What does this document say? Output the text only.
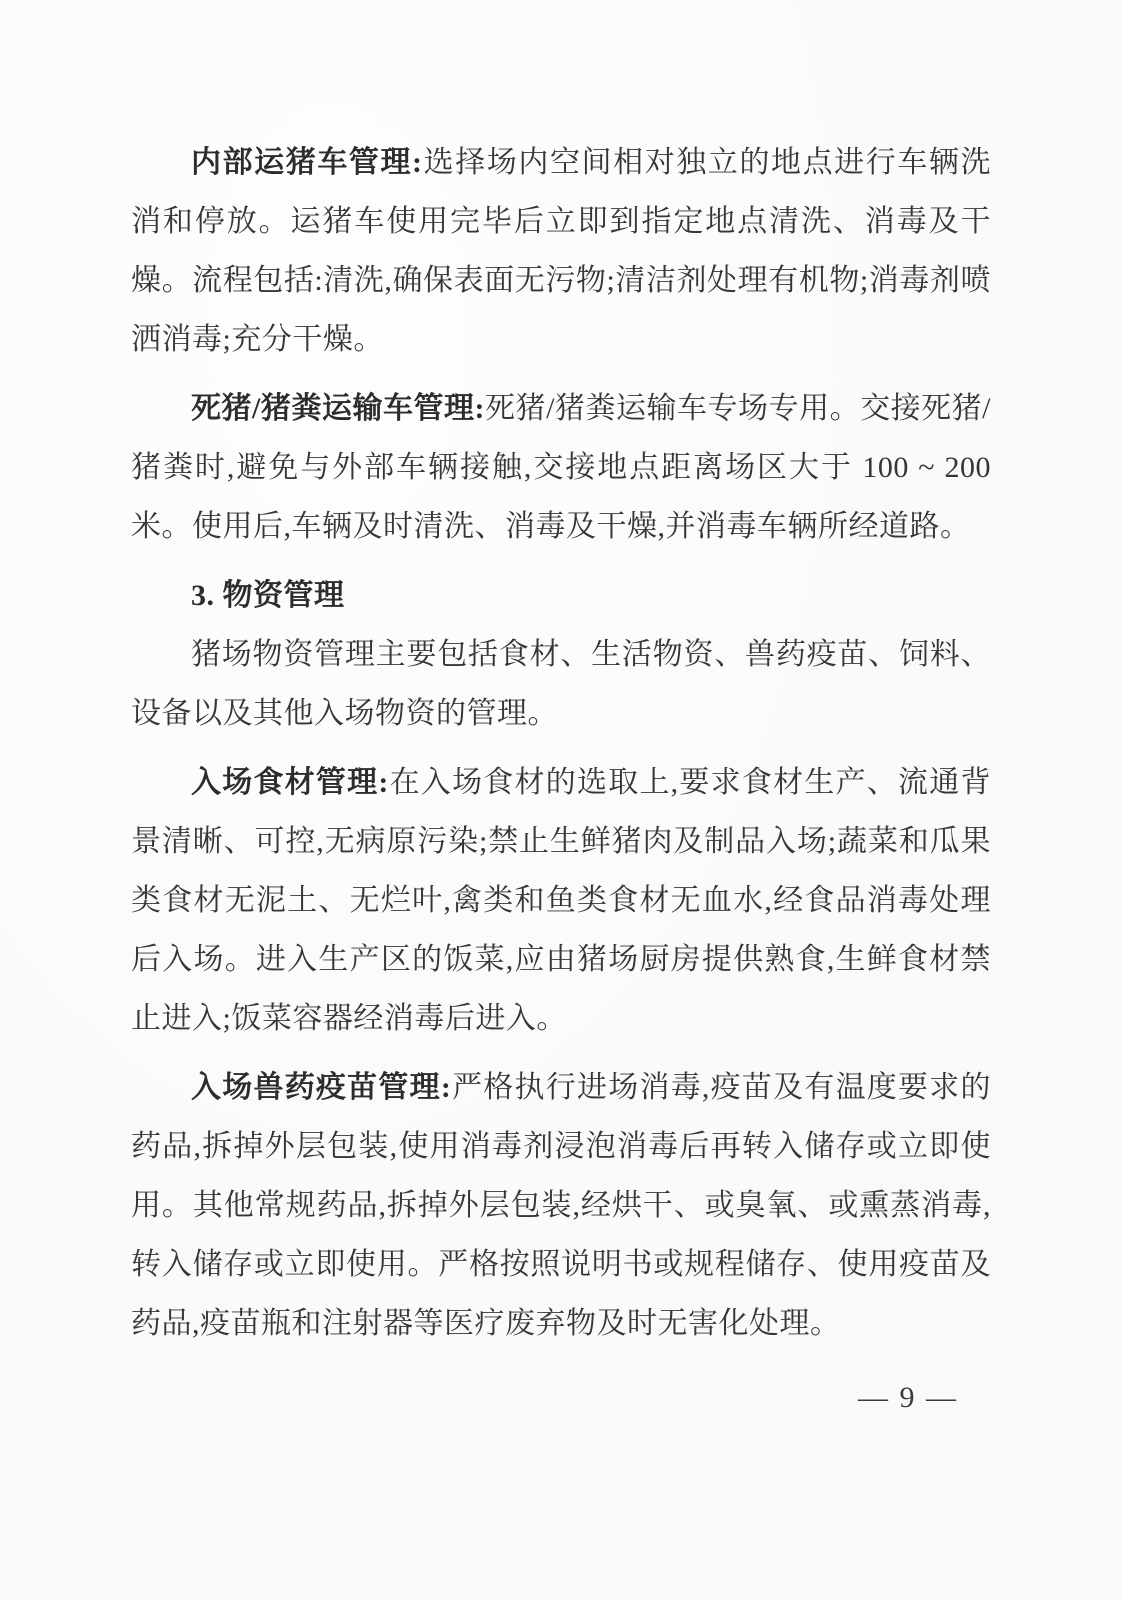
内部运猪车管理:选择场内空间相对独立的地点进行车辆洗消和停放。运猪车使用完毕后立即到指定地点清洗、消毒及干燥。流程包括:清洗,确保表面无污物;清洁剂处理有机物;消毒剂喷洒消毒;充分干燥。

死猪/猪粪运输车管理:死猪/猪粪运输车专场专用。交接死猪/猪粪时,避免与外部车辆接触,交接地点距离场区大于 100 ~ 200 米。使用后,车辆及时清洗、消毒及干燥,并消毒车辆所经道路。

3. 物资管理

猪场物资管理主要包括食材、生活物资、兽药疫苗、饲料、设备以及其他入场物资的管理。

入场食材管理:在入场食材的选取上,要求食材生产、流通背景清晰、可控,无病原污染;禁止生鲜猪肉及制品入场;蔬菜和瓜果类食材无泥土、无烂叶,禽类和鱼类食材无血水,经食品消毒处理后入场。进入生产区的饭菜,应由猪场厨房提供熟食,生鲜食材禁止进入;饭菜容器经消毒后进入。

入场兽药疫苗管理:严格执行进场消毒,疫苗及有温度要求的药品,拆掉外层包装,使用消毒剂浸泡消毒后再转入储存或立即使用。其他常规药品,拆掉外层包装,经烘干、或臭氧、或熏蒸消毒,转入储存或立即使用。严格按照说明书或规程储存、使用疫苗及药品,疫苗瓶和注射器等医疗废弃物及时无害化处理。

— 9 —
